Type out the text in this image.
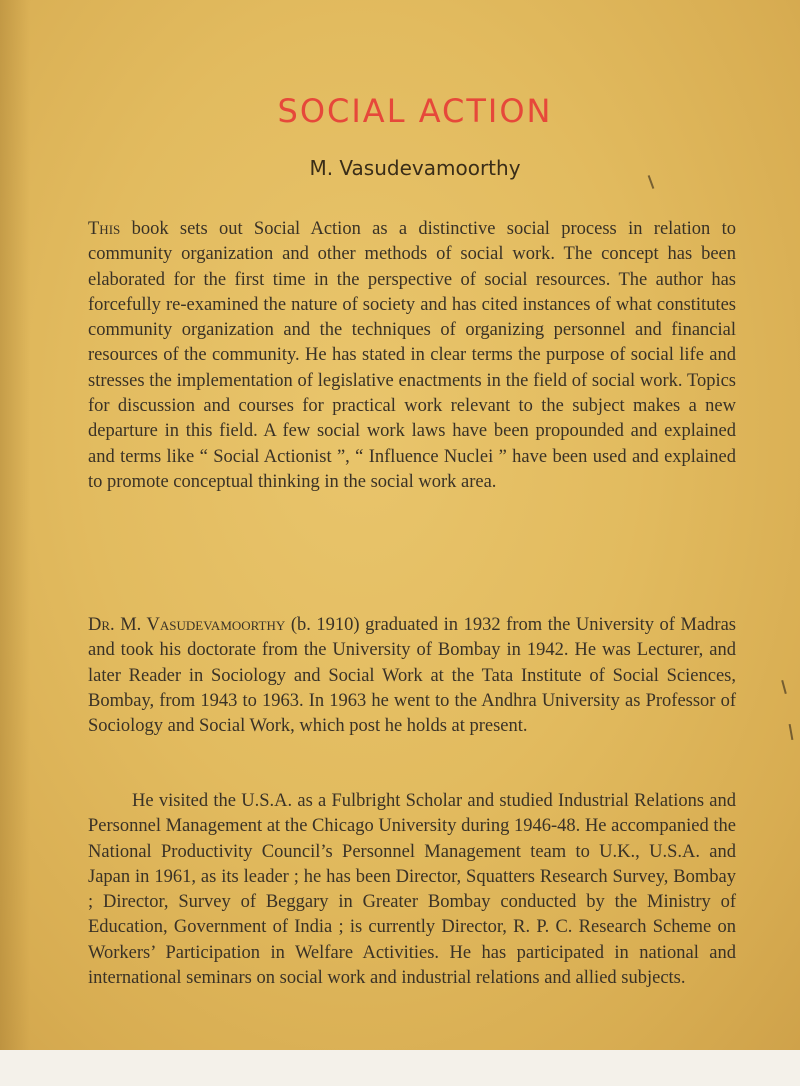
SOCIAL ACTION
M. Vasudevamoorthy

This book sets out Social Action as a distinctive social process in relation to community organization and other methods of social work. The concept has been elaborated for the first time in the perspective of social resources. The author has forcefully re-examined the nature of society and has cited instances of what constitutes community organization and the techniques of organizing personnel and financial resources of the community. He has stated in clear terms the purpose of social life and stresses the implementation of legislative enactments in the field of social work. Topics for discussion and courses for practical work relevant to the subject makes a new departure in this field. A few social work laws have been propounded and explained and terms like “ Social Actionist ”, “ Influence Nuclei ” have been used and explained to promote conceptual thinking in the social work area.

Dr. M. Vasudevamoorthy (b. 1910) graduated in 1932 from the University of Madras and took his doctorate from the University of Bombay in 1942. He was Lecturer, and later Reader in Sociology and Social Work at the Tata Institute of Social Sciences, Bombay, from 1943 to 1963. In 1963 he went to the Andhra University as Professor of Sociology and Social Work, which post he holds at present.

He visited the U.S.A. as a Fulbright Scholar and studied Industrial Relations and Personnel Management at the Chicago University during 1946-48. He accompanied the National Productivity Council’s Personnel Management team to U.K., U.S.A. and Japan in 1961, as its leader ; he has been Director, Squatters Research Survey, Bombay ; Director, Survey of Beggary in Greater Bombay conducted by the Ministry of Education, Government of India ; is currently Director, R. P. C. Research Scheme on Workers’ Participation in Welfare Activities. He has participated in national and international seminars on social work and industrial relations and allied subjects.
